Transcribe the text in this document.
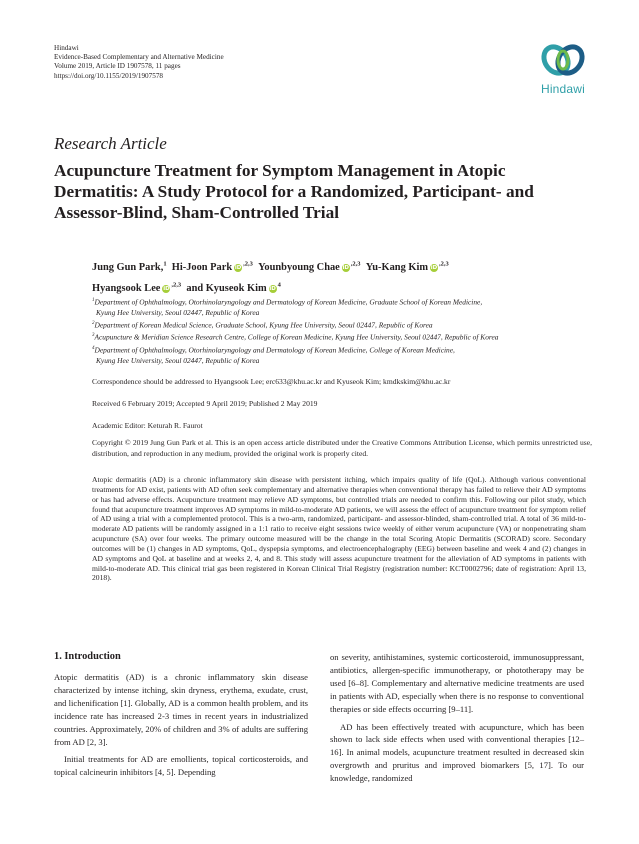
Hindawi
Evidence-Based Complementary and Alternative Medicine
Volume 2019, Article ID 1907578, 11 pages
https://doi.org/10.1155/2019/1907578
Hindawi
Research Article
Acupuncture Treatment for Symptom Management in Atopic Dermatitis: A Study Protocol for a Randomized, Participant- and Assessor-Blind, Sham-Controlled Trial
Jung Gun Park,$^1$ Hi-Joon Park $iD^{,2,3}$ Younbyoung Chae $iD^{,2,3}$ Yu-Kang Kim $iD^{,2,3}$
Hyangsook Lee $iD^{,2,3}$ and Kyuseok Kim $iD^4$
$^1$Department of Ophthalmology, Otorhinolaryngology and Dermatology of Korean Medicine, Graduate School of Korean Medicine,
Kyung Hee University, Seoul 02447, Republic of Korea
$^2$Department of Korean Medical Science, Graduate School, Kyung Hee University, Seoul 02447, Republic of Korea
$^3$Acupuncture & Meridian Science Research Centre, College of Korean Medicine, Kyung Hee University, Seoul 02447, Republic of Korea
$^4$Department of Ophthalmology, Otorhinolaryngology and Dermatology of Korean Medicine, College of Korean Medicine,
Kyung Hee University, Seoul 02447, Republic of Korea
Correspondence should be addressed to Hyangsook Lee; erc633@khu.ac.kr and Kyuseok Kim; kmdkskim@khu.ac.kr
Received 6 February 2019; Accepted 9 April 2019; Published 2 May 2019
Academic Editor: Keturah R. Faurot
Copyright © 2019 Jung Gun Park et al. This is an open access article distributed under the Creative Commons Attribution License, which permits unrestricted use, distribution, and reproduction in any medium, provided the original work is properly cited.
Atopic dermatitis (AD) is a chronic inflammatory skin disease with persistent itching, which impairs quality of life (QoL). Although various conventional treatments for AD exist, patients with AD often seek complementary and alternative therapies when conventional therapy has failed to relieve their AD symptoms or has had adverse effects. Acupuncture treatment may relieve AD symptoms, but controlled trials are needed to confirm this. Following our pilot study, which found that acupuncture treatment improves AD symptoms in mild-to-moderate AD patients, we will assess the effect of acupuncture treatment for symptom relief of AD using a trial with a complemented protocol. This is a two-arm, randomized, participant- and assessor-blinded, sham-controlled trial. A total of 36 mild-to-moderate AD patients will be randomly assigned in a 1:1 ratio to receive eight sessions twice weekly of either verum acupuncture (VA) or nonpenetrating sham acupuncture (SA) over four weeks. The primary outcome measured will be the change in the total Scoring Atopic Dermatitis (SCORAD) score. Secondary outcomes will be (1) changes in AD symptoms, QoL, dyspepsia symptoms, and electroencephalography (EEG) between baseline and week 4 and (2) changes in AD symptoms and QoL at baseline and at weeks 2, 4, and 8. This study will assess acupuncture treatment for the alleviation of AD symptoms in patients with mild-to-moderate AD. This clinical trial gas been registered in Korean Clinical Trial Registry (registration number: KCT0002796; date of registration: April 13, 2018).
1. Introduction

Atopic dermatitis (AD) is a chronic inflammatory skin disease characterized by intense itching, skin dryness, erythema, exudate, crust, and lichenification [1]. Globally, AD is a common health problem, and its incidence rate has increased 2-3 times in recent years in industrialized countries. Approximately, 20% of children and 3% of adults are suffering from AD [2, 3].

Initial treatments for AD are emollients, topical corticosteroids, and topical calcineurin inhibitors [4, 5]. Depending

on severity, antihistamines, systemic corticosteroid, immunosuppressant, antibiotics, allergen-specific immunotherapy, or phototherapy may be used [6–8]. Complementary and alternative medicine treatments are used in patients with AD, especially when there is no response to conventional therapies or side effects occurring [9–11].

AD has been effectively treated with acupuncture, which has been shown to lack side effects when used with conventional therapies [12–16]. In animal models, acupuncture treatment resulted in decreased skin overgrowth and pruritus and improved biomarkers [5, 17]. To our knowledge, randomized
